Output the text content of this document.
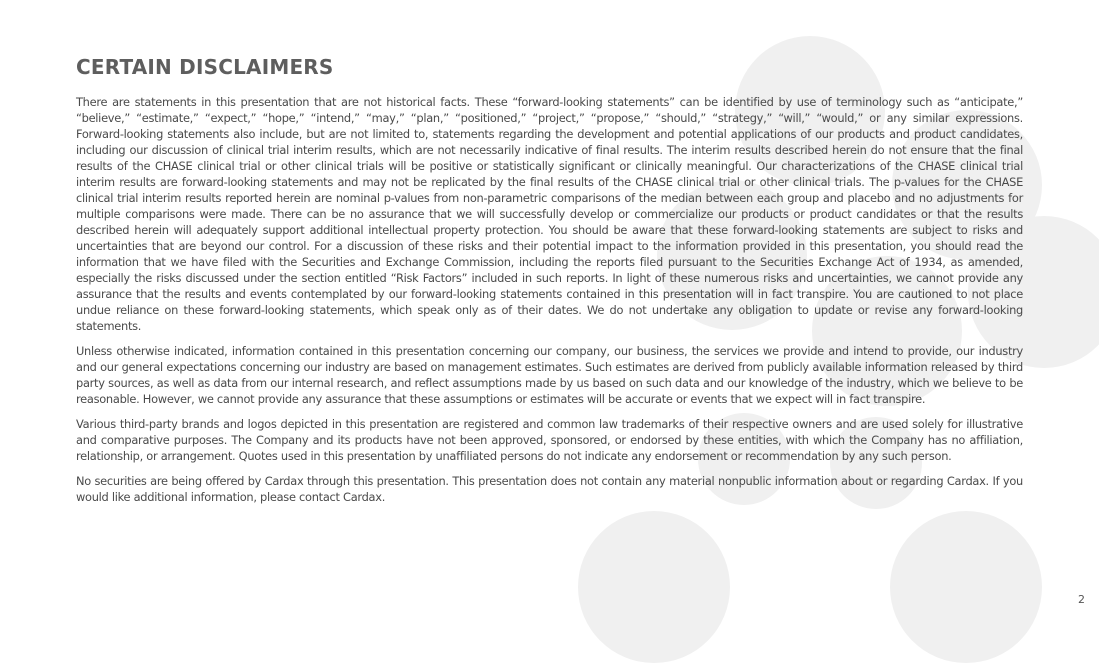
CERTAIN DISCLAIMERS

There are statements in this presentation that are not historical facts. These “forward-looking statements” can be identified by use of terminology such as “anticipate,” “believe,” “estimate,” “expect,” “hope,” “intend,” “may,” “plan,” “positioned,” “project,” “propose,” “should,” “strategy,” “will,” “would,” or any similar expressions. Forward-looking statements also include, but are not limited to, statements regarding the development and potential applications of our products and product candidates, including our discussion of clinical trial interim results, which are not necessarily indicative of final results. The interim results described herein do not ensure that the final results of the CHASE clinical trial or other clinical trials will be positive or statistically significant or clinically meaningful. Our characterizations of the CHASE clinical trial interim results are forward-looking statements and may not be replicated by the final results of the CHASE clinical trial or other clinical trials. The p-values for the CHASE clinical trial interim results reported herein are nominal p-values from non-parametric comparisons of the median between each group and placebo and no adjustments for multiple comparisons were made. There can be no assurance that we will successfully develop or commercialize our products or product candidates or that the results described herein will adequately support additional intellectual property protection. You should be aware that these forward-looking statements are subject to risks and uncertainties that are beyond our control. For a discussion of these risks and their potential impact to the information provided in this presentation, you should read the information that we have filed with the Securities and Exchange Commission, including the reports filed pursuant to the Securities Exchange Act of 1934, as amended, especially the risks discussed under the section entitled “Risk Factors” included in such reports. In light of these numerous risks and uncertainties, we cannot provide any assurance that the results and events contemplated by our forward-looking statements contained in this presentation will in fact transpire. You are cautioned to not place undue reliance on these forward-looking statements, which speak only as of their dates. We do not undertake any obligation to update or revise any forward-looking statements.

Unless otherwise indicated, information contained in this presentation concerning our company, our business, the services we provide and intend to provide, our industry and our general expectations concerning our industry are based on management estimates. Such estimates are derived from publicly available information released by third party sources, as well as data from our internal research, and reflect assumptions made by us based on such data and our knowledge of the industry, which we believe to be reasonable. However, we cannot provide any assurance that these assumptions or estimates will be accurate or events that we expect will in fact transpire.

Various third-party brands and logos depicted in this presentation are registered and common law trademarks of their respective owners and are used solely for illustrative and comparative purposes. The Company and its products have not been approved, sponsored, or endorsed by these entities, with which the Company has no affiliation, relationship, or arrangement. Quotes used in this presentation by unaffiliated persons do not indicate any endorsement or recommendation by any such person.

No securities are being offered by Cardax through this presentation. This presentation does not contain any material nonpublic information about or regarding Cardax. If you would like additional information, please contact Cardax.

2
